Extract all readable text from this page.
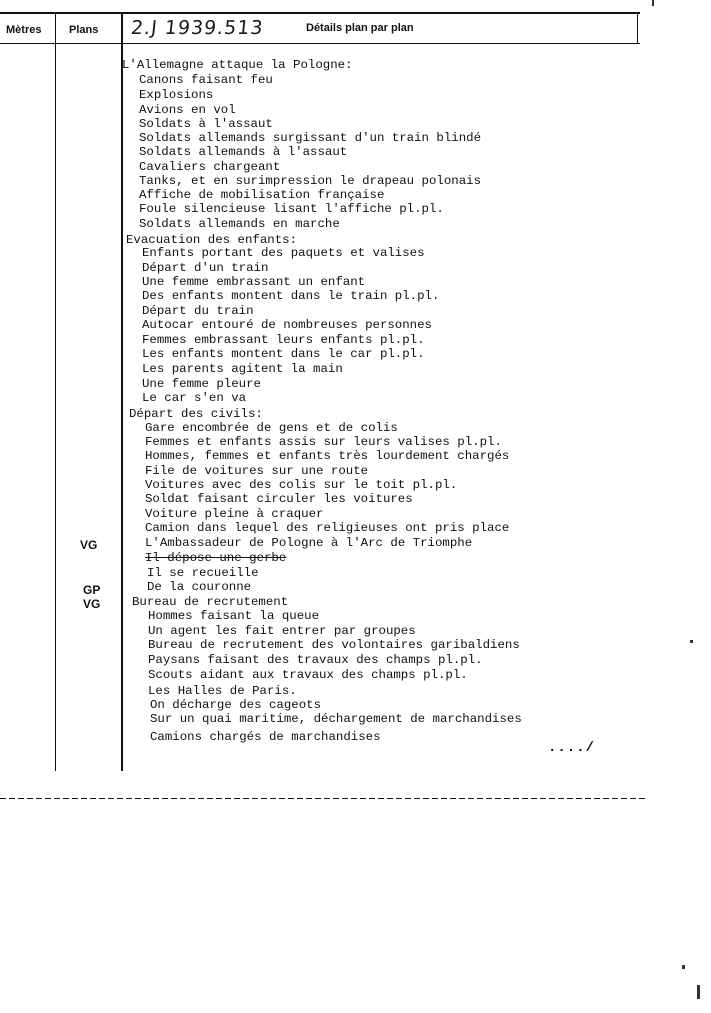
Mètres	Plans 2.J 1939.513	Détails plan par plan
VG
GP
VG
L'Allemagne attaque la Pologne:
Canons faisant feu
Explosions
Avions en vol
Soldats à l'assaut
Soldats allemands surgissant d'un train blindé
Soldats allemands à l'assaut
Cavaliers chargeant
Tanks, et en surimpression le drapeau polonais
Affiche de mobilisation française
Foule silencieuse lisant l'affiche pl.pl.
Soldats allemands en marche
Evacuation des enfants:
Enfants portant des paquets et valises
Départ d'un train
Une femme embrassant un enfant
Des enfants montent dans le train pl.pl.
Départ du train
Autocar entouré de nombreuses personnes
Femmes embrassant leurs enfants pl.pl.
Les enfants montent dans le car pl.pl.
Les parents agitent la main
Une femme pleure
Le car s'en va
Départ des civils:
Gare encombrée de gens et de colis
Femmes et enfants assis sur leurs valises pl.pl.
Hommes, femmes et enfants très lourdement chargés
File de voitures sur une route
Voitures avec des colis sur le toit pl.pl.
Soldat faisant circuler les voitures
Voiture pleine à craquer
Camion dans lequel des religieuses ont pris place
L'Ambassadeur de Pologne à l'Arc de Triomphe
Il dépose une gerbe
Il se recueille
De la couronne
Bureau de recrutement
Hommes faisant la queue
Un agent les fait entrer par groupes
Bureau de recrutement des volontaires garibaldiens
Paysans faisant des travaux des champs pl.pl.
Scouts aidant aux travaux des champs pl.pl.
Les Halles de Paris.
On décharge des cageots
Sur un quai maritime, déchargement de marchandises
Camions chargés de marchandises
..../
